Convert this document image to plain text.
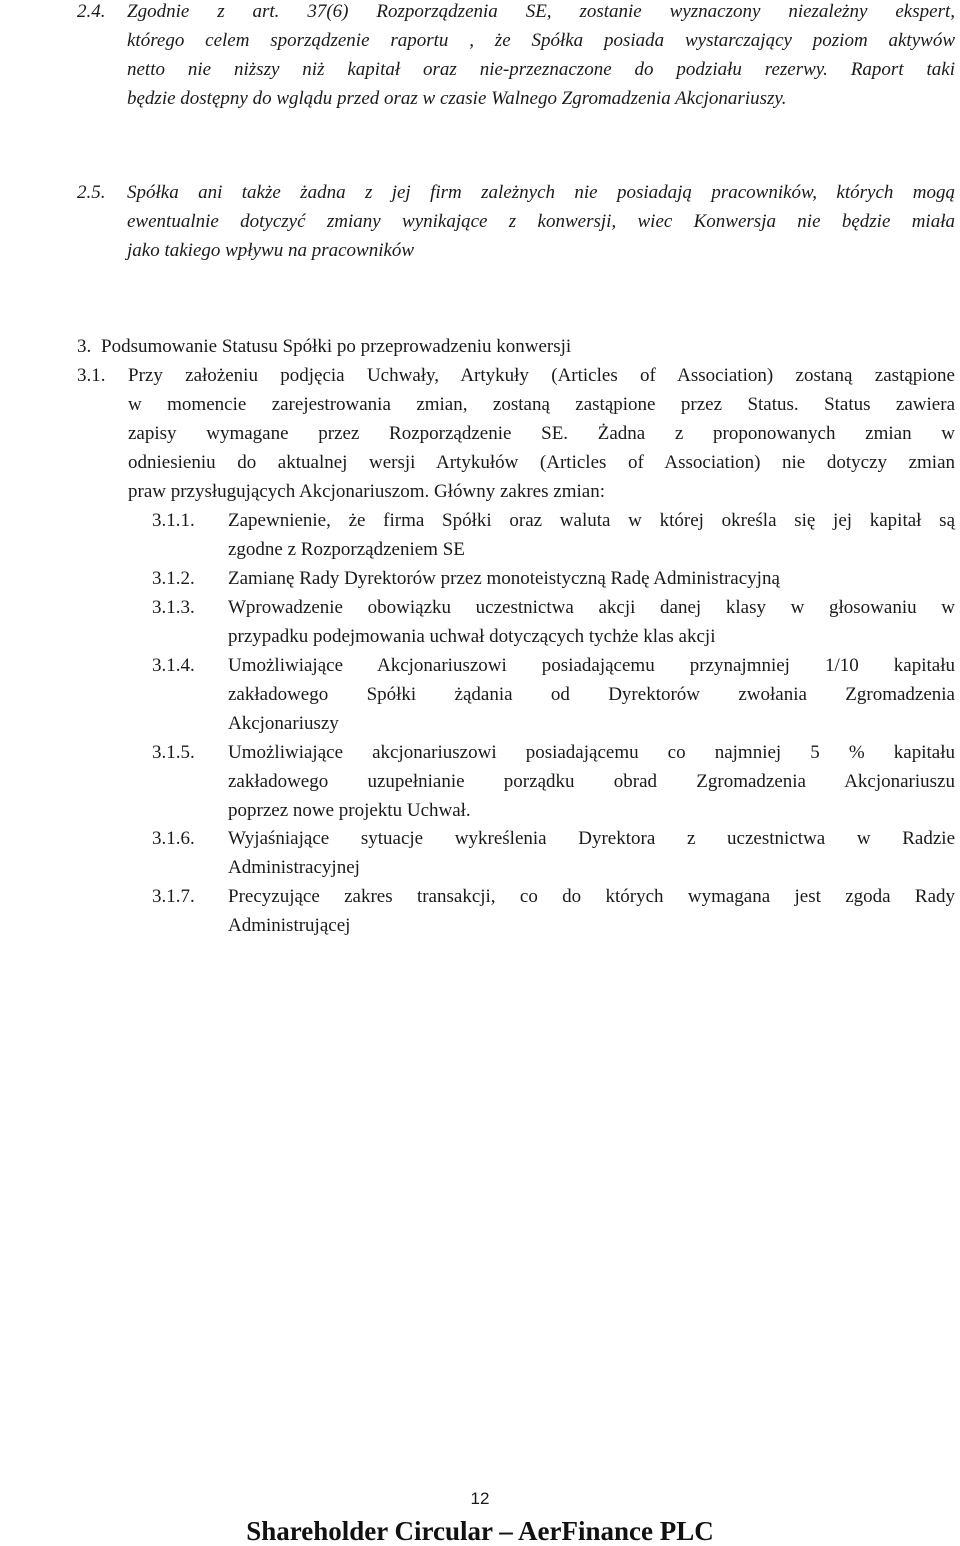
2.4. Zgodnie z art. 37(6) Rozporządzenia SE, zostanie wyznaczony niezależny ekspert,
którego celem sporządzenie raportu , że Spółka posiada wystarczający poziom aktywów
netto nie niższy niż kapitał oraz nie-przeznaczone do podziału rezerwy. Raport taki
będzie dostępny do wglądu przed oraz w czasie Walnego Zgromadzenia Akcjonariuszy.
2.5. Spółka ani także żadna z jej firm zależnych nie posiadają pracowników, których mogą
ewentualnie dotyczyć zmiany wynikające z konwersji, wiec Konwersja nie będzie miała
jako takiego wpływu na pracowników
3. Podsumowanie Statusu Spółki po przeprowadzeniu konwersji
3.1. Przy założeniu podjęcia Uchwały, Artykuły (Articles of Association) zostaną zastąpione
w momencie zarejestrowania zmian, zostaną zastąpione przez Status. Status zawiera
zapisy wymagane przez Rozporządzenie SE. Żadna z proponowanych zmian w
odniesieniu do aktualnej wersji Artykułów (Articles of Association) nie dotyczy zmian
praw przysługujących Akcjonariuszom. Główny zakres zmian:
3.1.1. Zapewnienie, że firma Spółki oraz waluta w której określa się jej kapitał są
zgodne z Rozporządzeniem SE
3.1.2. Zamianę Rady Dyrektorów przez monoteistyczną Radę Administracyjną
3.1.3. Wprowadzenie obowiązku uczestnictwa akcji danej klasy w głosowaniu w
przypadku podejmowania uchwał dotyczących tychże klas akcji
3.1.4. Umożliwiające Akcjonariuszowi posiadającemu przynajmniej 1/10 kapitału
zakładowego Spółki żądania od Dyrektorów zwołania Zgromadzenia
Akcjonariuszy
3.1.5. Umożliwiające akcjonariuszowi posiadającemu co najmniej 5 % kapitału
zakładowego uzupełnianie porządku obrad Zgromadzenia Akcjonariuszu
poprzez nowe projektu Uchwał.
3.1.6. Wyjaśniające sytuacje wykreślenia Dyrektora z uczestnictwa w Radzie
Administracyjnej
3.1.7. Precyzujące zakres transakcji, co do których wymagana jest zgoda Rady
Administrującej
12
Shareholder Circular – AerFinance PLC
